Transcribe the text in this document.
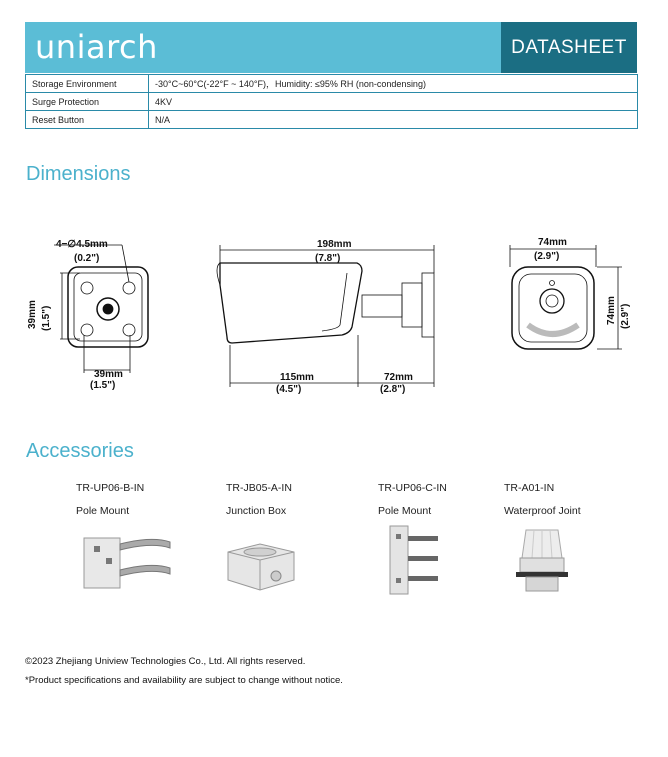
uniarch	DATASHEET
Storage Environment	-30°C~60°C(-22°F ~ 140°F)，Humidity: ≤95% RH (non-condensing)
Surge Protection	4KV
Reset Button	N/A
Dimensions
4−∅4.5mm
(0.2")
39mm (1.5")
39mm
(1.5")
198mm
(7.8")
115mm
(4.5")
72mm
(2.8")
74mm
(2.9")
74mm (2.9")
Accessories
TR-UP06-B-IN
Pole Mount
TR-JB05-A-IN
Junction Box
TR-UP06-C-IN
Pole Mount
TR-A01-IN
Waterproof Joint
©2023 Zhejiang Uniview Technologies Co., Ltd. All rights reserved.
*Product specifications and availability are subject to change without notice.
